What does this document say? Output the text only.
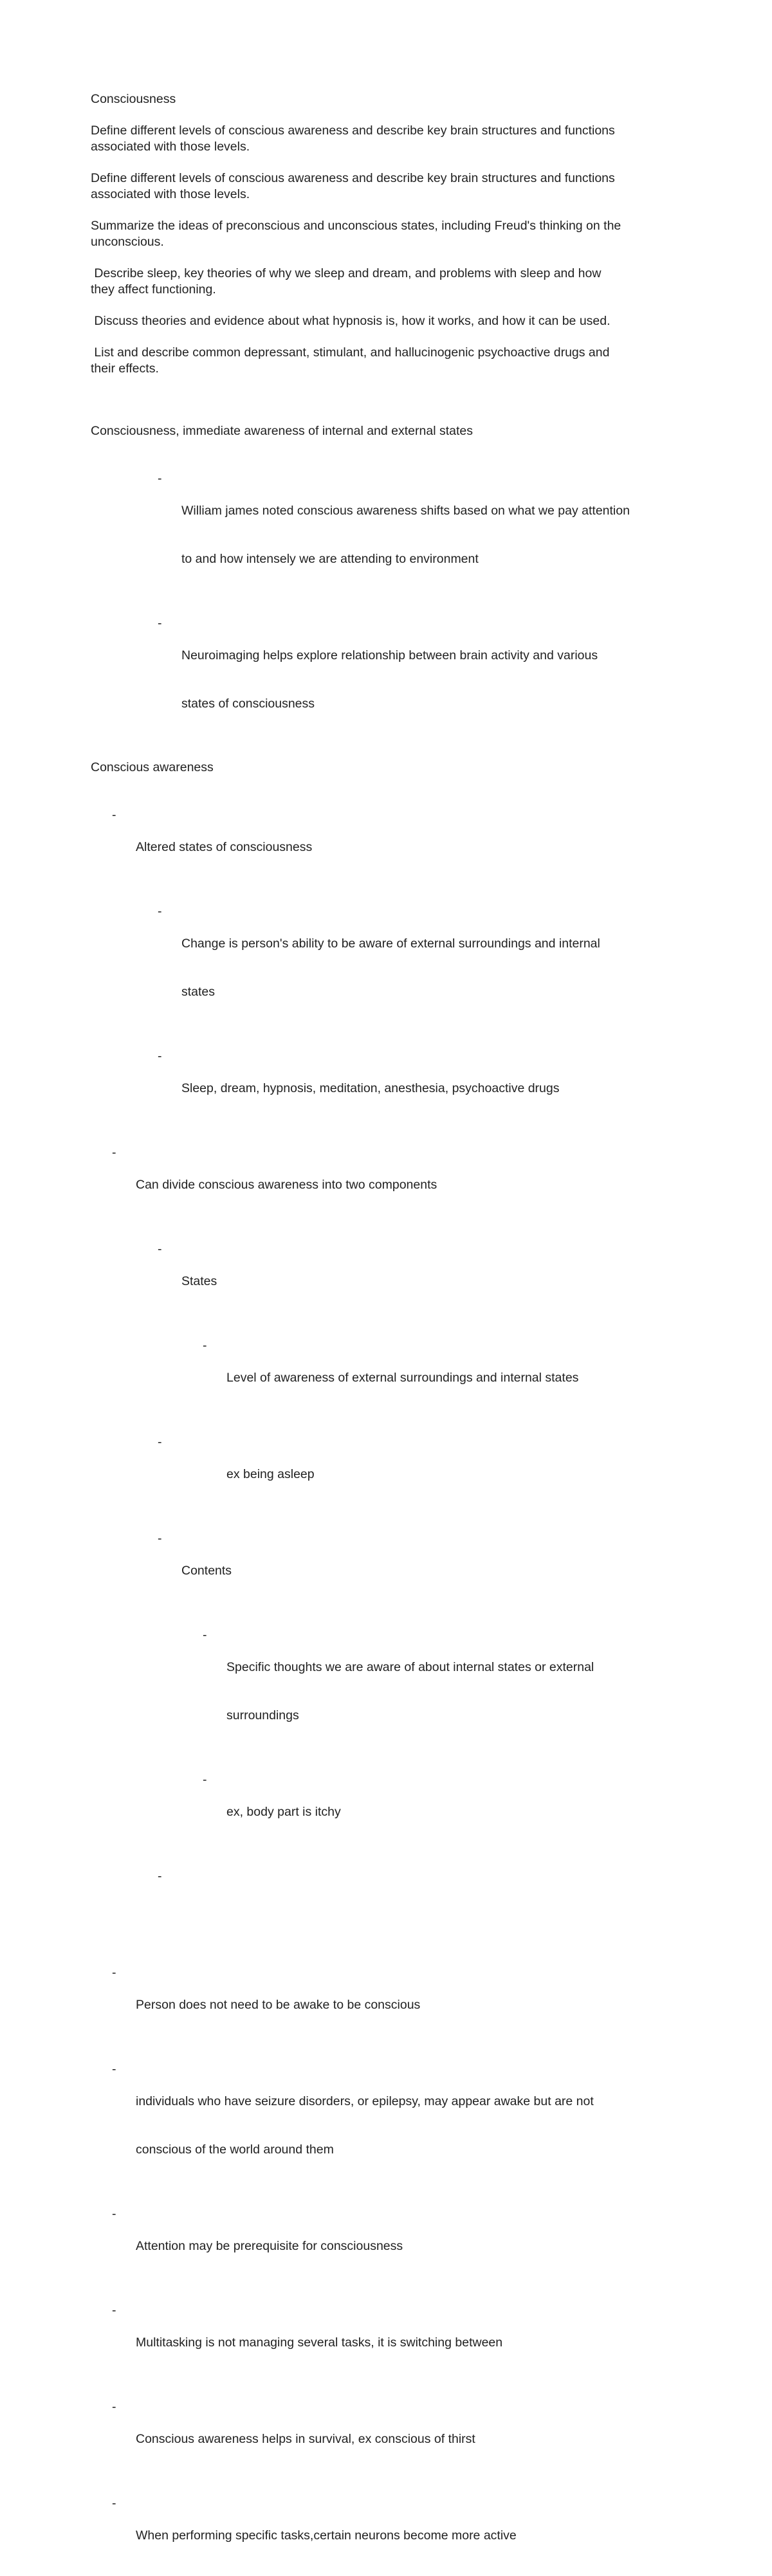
Consciousness
Define different levels of conscious awareness and describe key brain structures and functions
associated with those levels.
Define different levels of conscious awareness and describe key brain structures and functions
associated with those levels.
Summarize the ideas of preconscious and unconscious states, including Freud's thinking on the
unconscious.
Describe sleep, key theories of why we sleep and dream, and problems with sleep and how
they affect functioning.
Discuss theories and evidence about what hypnosis is, how it works, and how it can be used.
List and describe common depressant, stimulant, and hallucinogenic psychoactive drugs and
their effects.
Consciousness, immediate awareness of internal and external states

-

William james noted conscious awareness shifts based on what we pay attention

to and how intensely we are attending to environment

-

Neuroimaging helps explore relationship between brain activity and various

states of consciousness

Conscious awareness

-

Altered states of consciousness

-

Change is person's ability to be aware of external surroundings and internal

states

-

Sleep, dream, hypnosis, meditation, anesthesia, psychoactive drugs

-

Can divide conscious awareness into two components

-

States

-

Level of awareness of external surroundings and internal states

-

ex being asleep

-

Contents

-

Specific thoughts we are aware of about internal states or external

surroundings

-

ex, body part is itchy

-

-

Person does not need to be awake to be conscious

-

individuals who have seizure disorders, or epilepsy, may appear awake but are not

conscious of the world around them

-

Attention may be prerequisite for consciousness

-

Multitasking is not managing several tasks, it is switching between

-

Conscious awareness helps in survival, ex conscious of thirst

-

When performing specific tasks,certain neurons become more active
